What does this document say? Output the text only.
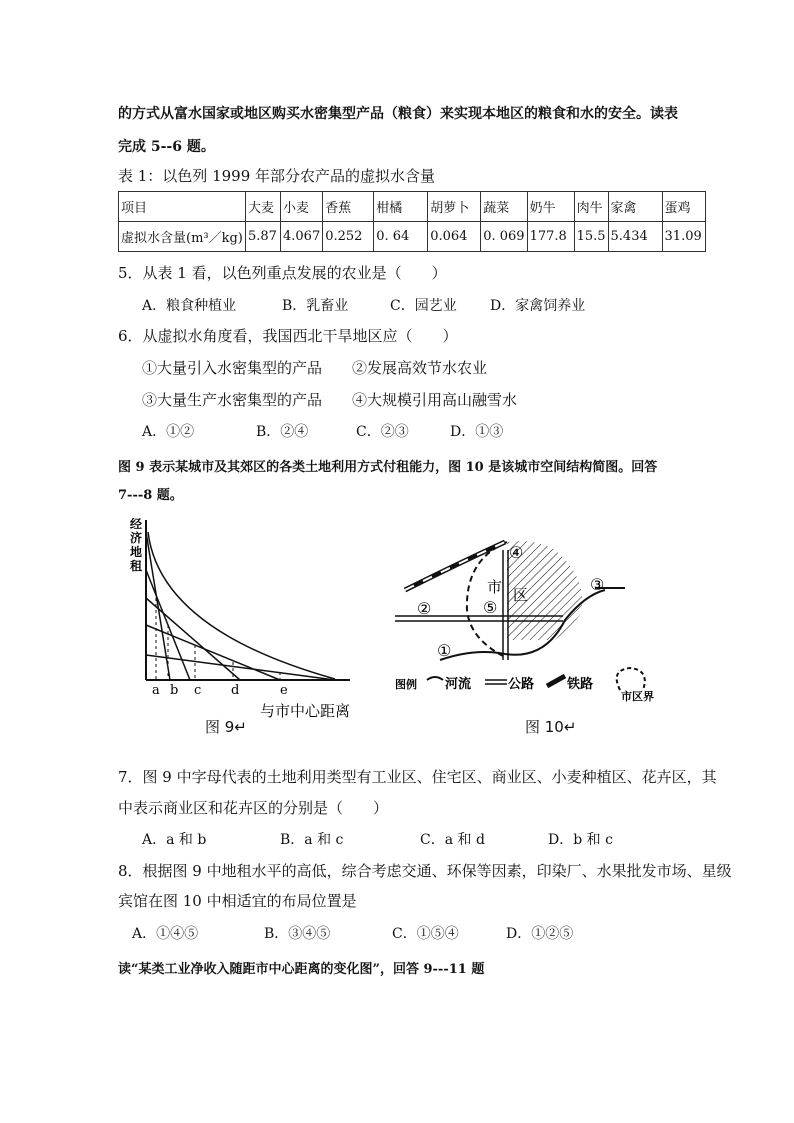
的方式从富水国家或地区购买水密集型产品（粮食）来实现本地区的粮食和水的安全。读表
完成 5--6 题。
表 1：以色列 1999 年部分农产品的虚拟水含量
项目	大麦	小麦	香蕉	柑橘	胡萝卜	蔬菜	奶牛	肉牛	家禽	蛋鸡
虚拟水含量(m³／kg)	5.87	4.067	0.252	0. 64	0.064	0. 069	177.8	15.5	5.434	31.09
5．从表 1 看，以色列重点发展的农业是（　　）
A．粮食种植业	B．乳畜业	C．园艺业 D．家禽饲养业
6．从虚拟水角度看，我国西北干旱地区应（　　）
①大量引入水密集型的产品 ②发展高效节水农业
③大量生产水密集型的产品 ④大规模引用高山融雪水
A．①②	B．②④	C．②③	D．①③
图 9 表示某城市及其郊区的各类土地利用方式付租能力，图 10 是该城市空间结构简图。回答
7---8 题。
经
济
地
租
a b c d	e
与市中心距离
图 9↵
④
③
②
①
⑤
市 区
图例 河流	公路	铁路
市区界
图 10↵
7．图 9 中字母代表的土地利用类型有工业区、住宅区、商业区、小麦种植区、花卉区，其
中表示商业区和花卉区的分别是（　　）
A．a 和 b	B．a 和 c	C．a 和 d	D．b 和 c
8．根据图 9 中地租水平的高低，综合考虑交通、环保等因素，印染厂、水果批发市场、星级
宾馆在图 10 中相适宜的布局位置是
A．①④⑤	B．③④⑤	C．①⑤④	D．①②⑤
读“某类工业净收入随距市中心距离的变化图”，回答 9---11 题
